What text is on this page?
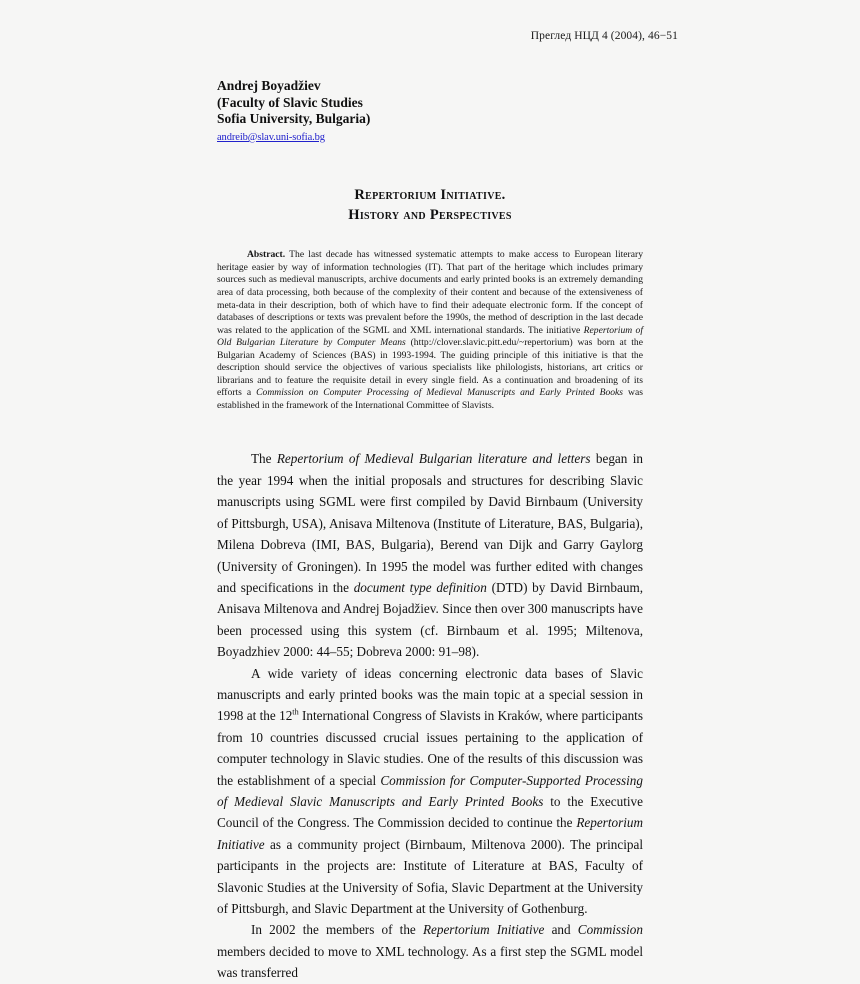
Преглед НЦД 4 (2004), 46−51
Andrej Boyadžiev
(Faculty of Slavic Studies
Sofia University, Bulgaria)
andreib@slav.uni-sofia.bg
Repertorium Initiative.
History and Perspectives
Abstract. The last decade has witnessed systematic attempts to make access to European literary heritage easier by way of information technologies (IT). That part of the heritage which includes primary sources such as medieval manuscripts, archive documents and early printed books is an extremely demanding area of data processing, both because of the complexity of their content and because of the extensiveness of meta-data in their description, both of which have to find their adequate electronic form. If the concept of databases of descriptions or texts was prevalent before the 1990s, the method of description in the last decade was related to the application of the SGML and XML international standards. The initiative Repertorium of Old Bulgarian Literature by Computer Means (http://clover.slavic.pitt.edu/~repertorium) was born at the Bulgarian Academy of Sciences (BAS) in 1993-1994. The guiding principle of this initiative is that the description should service the objectives of various specialists like philologists, historians, art critics or librarians and to feature the requisite detail in every single field. As a continuation and broadening of its efforts a Commission on Computer Processing of Medieval Manuscripts and Early Printed Books was established in the framework of the International Committee of Slavists.

The Repertorium of Medieval Bulgarian literature and letters began in the year 1994 when the initial proposals and structures for describing Slavic manuscripts using SGML were first compiled by David Birnbaum (University of Pittsburgh, USA), Anisava Miltenova (Institute of Literature, BAS, Bulgaria), Milena Dobreva (IMI, BAS, Bulgaria), Berend van Dijk and Garry Gaylorg (University of Groningen). In 1995 the model was further edited with changes and specifications in the document type definition (DTD) by David Birnbaum, Anisava Miltenova and Andrej Bojadžiev. Since then over 300 manuscripts have been processed using this system (cf. Birnbaum et al. 1995; Miltenova, Boyadzhiev 2000: 44–55; Dobreva 2000: 91–98).

A wide variety of ideas concerning electronic data bases of Slavic manuscripts and early printed books was the main topic at a special session in 1998 at the 12th International Congress of Slavists in Kraków, where participants from 10 countries discussed crucial issues pertaining to the application of computer technology in Slavic studies. One of the results of this discussion was the establishment of a special Commission for Computer-Supported Processing of Medieval Slavic Manuscripts and Early Printed Books to the Executive Council of the Congress. The Commission decided to continue the Repertorium Initiative as a community project (Birnbaum, Miltenova 2000). The principal participants in the projects are: Institute of Literature at BAS, Faculty of Slavonic Studies at the University of Sofia, Slavic Department at the University of Pittsburgh, and Slavic Department at the University of Gothenburg.

In 2002 the members of the Repertorium Initiative and Commission members decided to move to XML technology. As a first step the SGML model was transferred
